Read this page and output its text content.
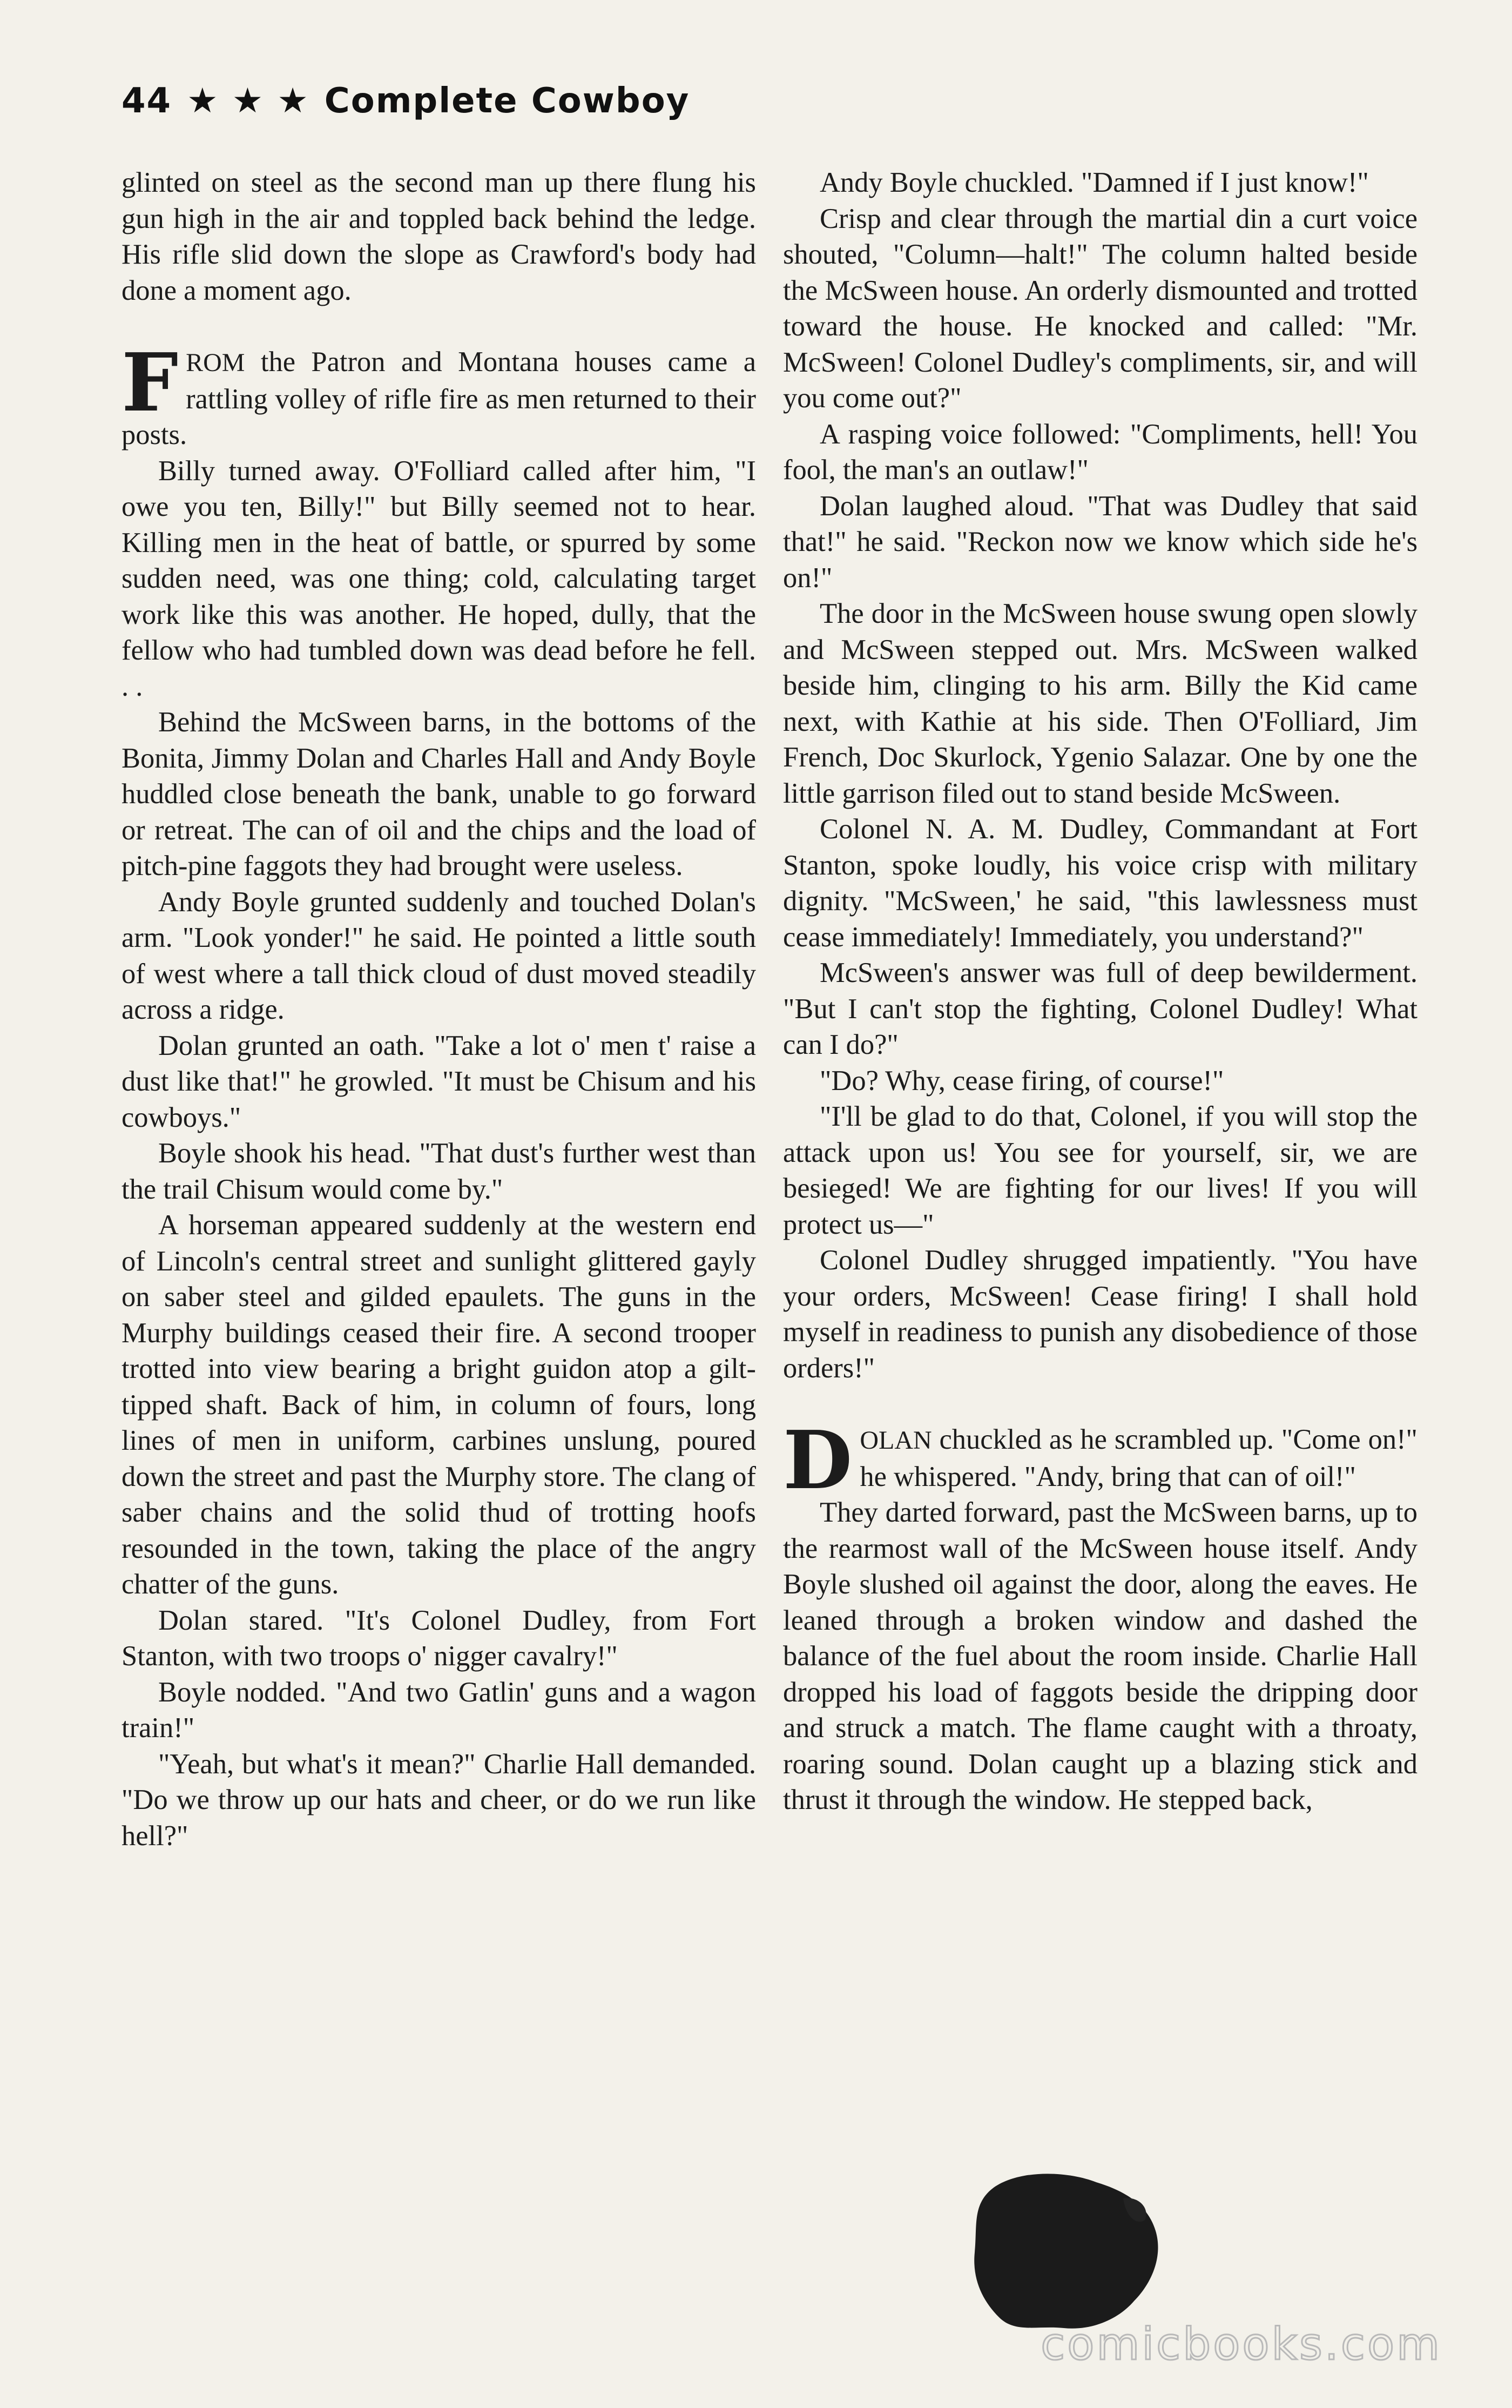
44 ★ ★ ★ Complete Cowboy

glinted on steel as the second man up there flung his gun high in the air and toppled back behind the ledge. His rifle slid down the slope as Crawford's body had done a moment ago.

FROM the Patron and Montana houses came a rattling volley of rifle fire as men returned to their posts.

Billy turned away. O'Folliard called after him, "I owe you ten, Billy!" but Billy seemed not to hear. Killing men in the heat of battle, or spurred by some sudden need, was one thing; cold, calculating target work like this was another. He hoped, dully, that the fellow who had tumbled down was dead before he fell. . .

Behind the McSween barns, in the bottoms of the Bonita, Jimmy Dolan and Charles Hall and Andy Boyle huddled close beneath the bank, unable to go forward or retreat. The can of oil and the chips and the load of pitch-pine faggots they had brought were useless.

Andy Boyle grunted suddenly and touched Dolan's arm. "Look yonder!" he said. He pointed a little south of west where a tall thick cloud of dust moved steadily across a ridge.

Dolan grunted an oath. "Take a lot o' men t' raise a dust like that!" he growled. "It must be Chisum and his cowboys."

Boyle shook his head. "That dust's further west than the trail Chisum would come by."

A horseman appeared suddenly at the western end of Lincoln's central street and sunlight glittered gayly on saber steel and gilded epaulets. The guns in the Murphy buildings ceased their fire. A second trooper trotted into view bearing a bright guidon atop a gilt-tipped shaft. Back of him, in column of fours, long lines of men in uniform, carbines unslung, poured down the street and past the Murphy store. The clang of saber chains and the solid thud of trotting hoofs resounded in the town, taking the place of the angry chatter of the guns.

Dolan stared. "It's Colonel Dudley, from Fort Stanton, with two troops o' nigger cavalry!"

Boyle nodded. "And two Gatlin' guns and a wagon train!"

"Yeah, but what's it mean?" Charlie Hall demanded. "Do we throw up our hats and cheer, or do we run like hell?"

Andy Boyle chuckled. "Damned if I just know!"

Crisp and clear through the martial din a curt voice shouted, "Column—halt!" The column halted beside the McSween house. An orderly dismounted and trotted toward the house. He knocked and called: "Mr. McSween! Colonel Dudley's compliments, sir, and will you come out?"

A rasping voice followed: "Compliments, hell! You fool, the man's an outlaw!"

Dolan laughed aloud. "That was Dudley that said that!" he said. "Reckon now we know which side he's on!"

The door in the McSween house swung open slowly and McSween stepped out. Mrs. McSween walked beside him, clinging to his arm. Billy the Kid came next, with Kathie at his side. Then O'Folliard, Jim French, Doc Skurlock, Ygenio Salazar. One by one the little garrison filed out to stand beside McSween.

Colonel N. A. M. Dudley, Commandant at Fort Stanton, spoke loudly, his voice crisp with military dignity. "McSween,' he said, "this lawlessness must cease immediately! Immediately, you understand?"

McSween's answer was full of deep bewilderment. "But I can't stop the fighting, Colonel Dudley! What can I do?"

"Do? Why, cease firing, of course!"

"I'll be glad to do that, Colonel, if you will stop the attack upon us! You see for yourself, sir, we are besieged! We are fighting for our lives! If you will protect us—"

Colonel Dudley shrugged impatiently. "You have your orders, McSween! Cease firing! I shall hold myself in readiness to punish any disobedience of those orders!"

DOLAN chuckled as he scrambled up. "Come on!" he whispered. "Andy, bring that can of oil!"

They darted forward, past the McSween barns, up to the rearmost wall of the McSween house itself. Andy Boyle slushed oil against the door, along the eaves. He leaned through a broken window and dashed the balance of the fuel about the room inside. Charlie Hall dropped his load of faggots beside the dripping door and struck a match. The flame caught with a throaty, roaring sound. Dolan caught up a blazing stick and thrust it through the window. He stepped back,

comicbooks.com
